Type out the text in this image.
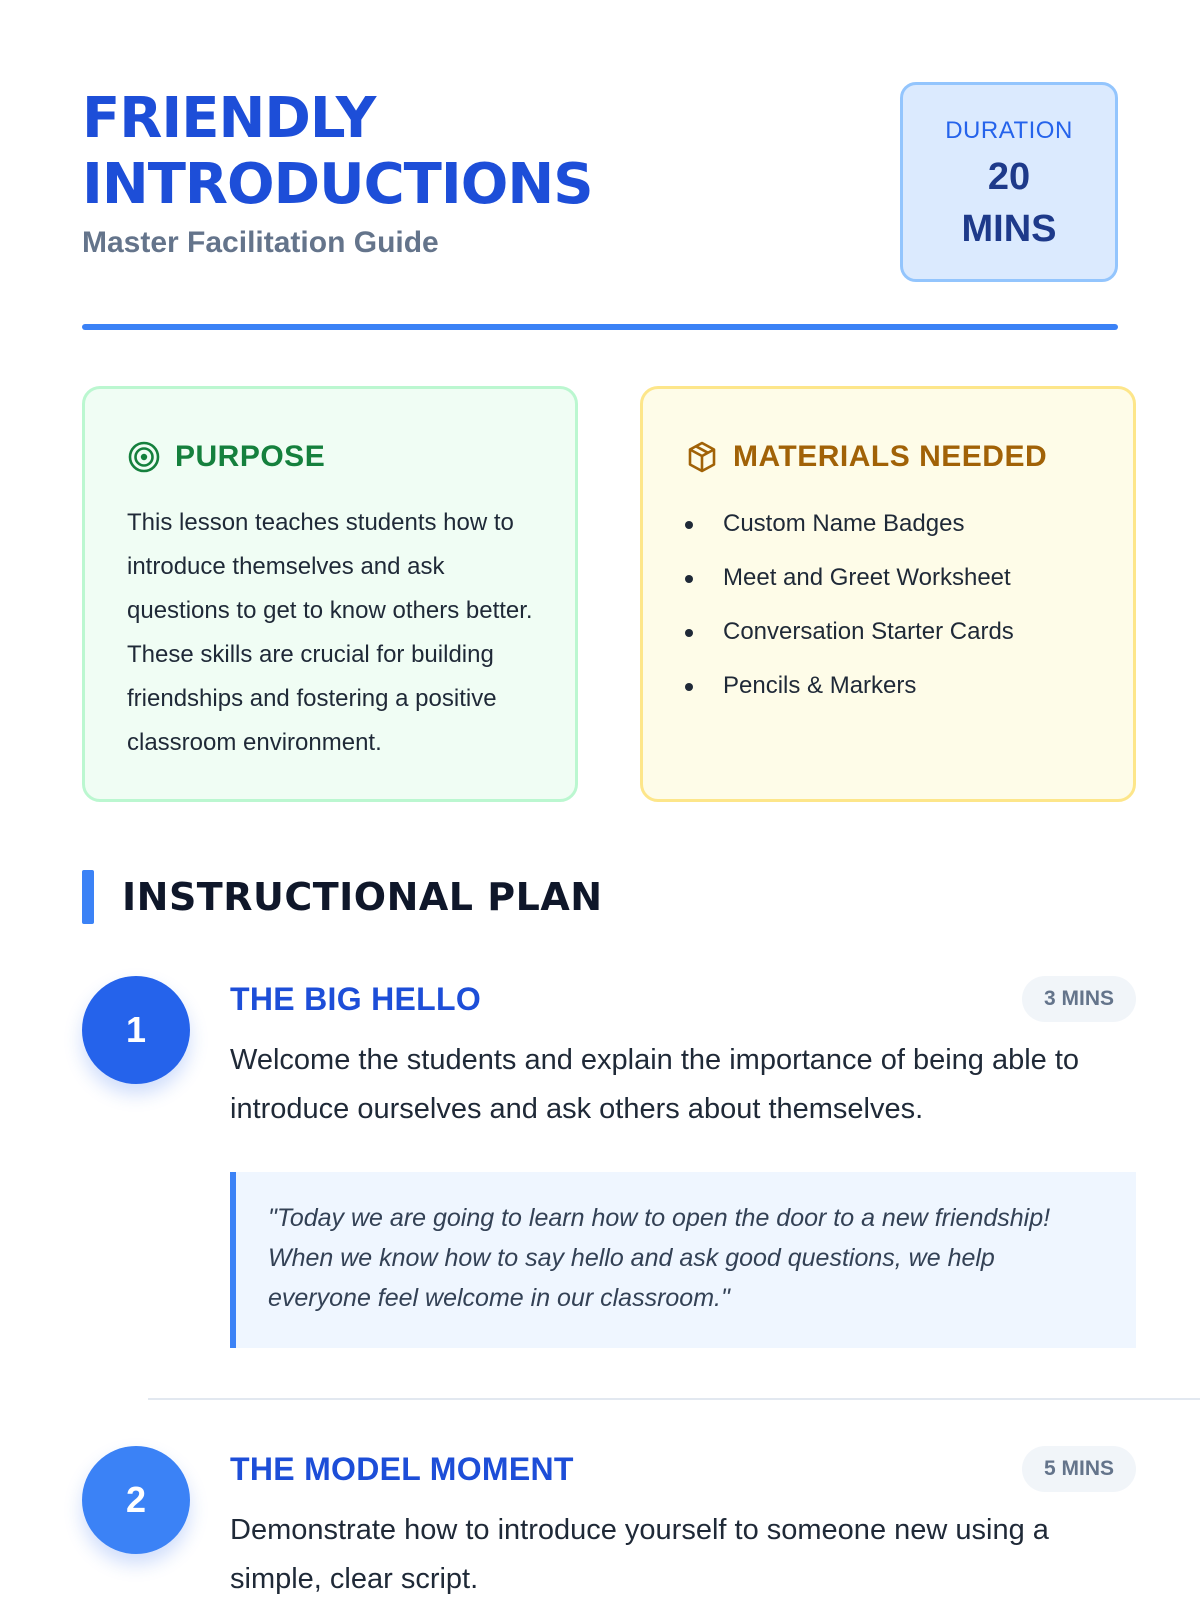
FRIENDLY
INTRODUCTIONS
Master Facilitation Guide
DURATION
20
MINS
PURPOSE

This lesson teaches students how to introduce themselves and ask questions to get to know others better. These skills are crucial for building friendships and fostering a positive classroom environment.

MATERIALS NEEDED
Custom Name Badges
Meet and Greet Worksheet
Conversation Starter Cards
Pencils & Markers
INSTRUCTIONAL PLAN
1
THE BIG HELLO	3 MINS

Welcome the students and explain the importance of being able to introduce ourselves and ask others about themselves.

"Today we are going to learn how to open the door to a new friendship! When we know how to say hello and ask good questions, we help everyone feel welcome in our classroom."
2
THE MODEL MOMENT	5 MINS

Demonstrate how to introduce yourself to someone new using a simple, clear script.
